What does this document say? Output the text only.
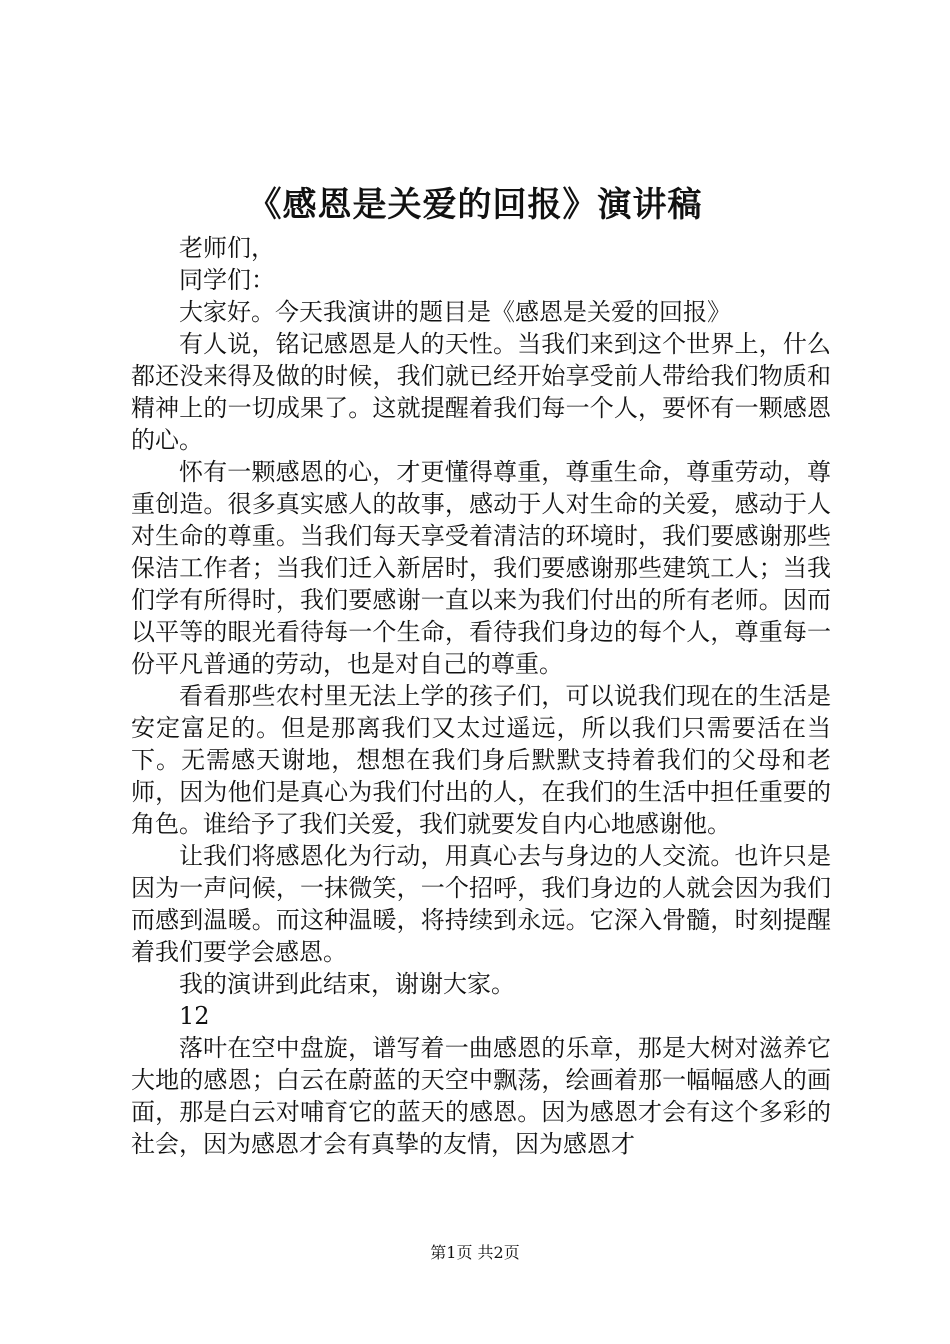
《感恩是关爱的回报》演讲稿

老师们，

同学们：

大家好。今天我演讲的题目是《感恩是关爱的回报》

有人说，铭记感恩是人的天性。当我们来到这个世界上，什么都还没来得及做的时候，我们就已经开始享受前人带给我们物质和精神上的一切成果了。这就提醒着我们每一个人，要怀有一颗感恩的心。

怀有一颗感恩的心，才更懂得尊重，尊重生命，尊重劳动，尊重创造。很多真实感人的故事，感动于人对生命的关爱，感动于人对生命的尊重。当我们每天享受着清洁的环境时，我们要感谢那些保洁工作者；当我们迁入新居时，我们要感谢那些建筑工人；当我们学有所得时，我们要感谢一直以来为我们付出的所有老师。因而以平等的眼光看待每一个生命，看待我们身边的每个人，尊重每一份平凡普通的劳动，也是对自己的尊重。

看看那些农村里无法上学的孩子们，可以说我们现在的生活是安定富足的。但是那离我们又太过遥远，所以我们只需要活在当下。无需感天谢地，想想在我们身后默默支持着我们的父母和老师，因为他们是真心为我们付出的人，在我们的生活中担任重要的角色。谁给予了我们关爱，我们就要发自内心地感谢他。

让我们将感恩化为行动，用真心去与身边的人交流。也许只是因为一声问候，一抹微笑，一个招呼，我们身边的人就会因为我们而感到温暖。而这种温暖，将持续到永远。它深入骨髓，时刻提醒着我们要学会感恩。

我的演讲到此结束，谢谢大家。

12

落叶在空中盘旋，谱写着一曲感恩的乐章，那是大树对滋养它大地的感恩；白云在蔚蓝的天空中飘荡，绘画着那一幅幅感人的画面，那是白云对哺育它的蓝天的感恩。因为感恩才会有这个多彩的社会，因为感恩才会有真挚的友情，因为感恩才

第1页 共2页
